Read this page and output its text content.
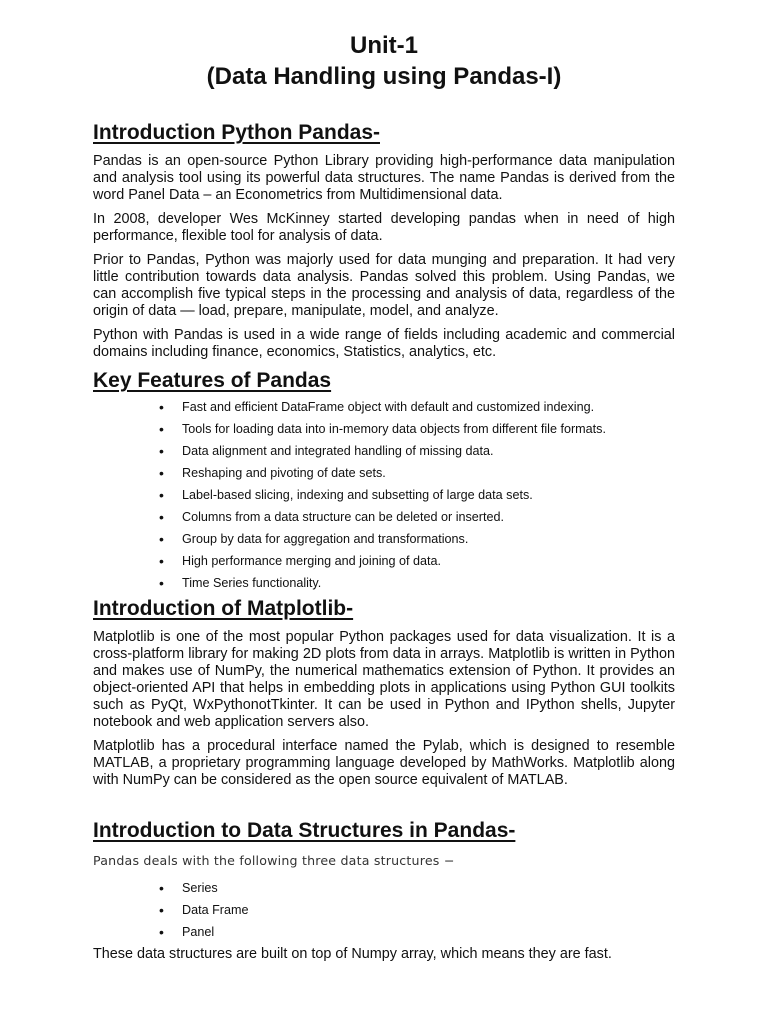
Unit-1
(Data Handling using Pandas-I)
Introduction Python Pandas-

Pandas is an open-source Python Library providing high-performance data manipulation and analysis tool using its powerful data structures. The name Pandas is derived from the word Panel Data – an Econometrics from Multidimensional data.

In 2008, developer Wes McKinney started developing pandas when in need of high performance, flexible tool for analysis of data.

Prior to Pandas, Python was majorly used for data munging and preparation. It had very little contribution towards data analysis. Pandas solved this problem. Using Pandas, we can accomplish five typical steps in the processing and analysis of data, regardless of the origin of data — load, prepare, manipulate, model, and analyze.

Python with Pandas is used in a wide range of fields including academic and commercial domains including finance, economics, Statistics, analytics, etc.

Key Features of Pandas
• Fast and efficient DataFrame object with default and customized indexing.
• Tools for loading data into in-memory data objects from different file formats.
• Data alignment and integrated handling of missing data.
• Reshaping and pivoting of date sets.
• Label-based slicing, indexing and subsetting of large data sets.
• Columns from a data structure can be deleted or inserted.
• Group by data for aggregation and transformations.
• High performance merging and joining of data.
• Time Series functionality.
Introduction of Matplotlib-

Matplotlib is one of the most popular Python packages used for data visualization. It is a cross-platform library for making 2D plots from data in arrays. Matplotlib is written in Python and makes use of NumPy, the numerical mathematics extension of Python. It provides an object-oriented API that helps in embedding plots in applications using Python GUI toolkits such as PyQt, WxPythonotTkinter. It can be used in Python and IPython shells, Jupyter notebook and web application servers also.

Matplotlib has a procedural interface named the Pylab, which is designed to resemble MATLAB, a proprietary programming language developed by MathWorks. Matplotlib along with NumPy can be considered as the open source equivalent of MATLAB.

Introduction to Data Structures in Pandas-

Pandas deals with the following three data structures −

• Series
• Data Frame
• Panel

These data structures are built on top of Numpy array, which means they are fast.
